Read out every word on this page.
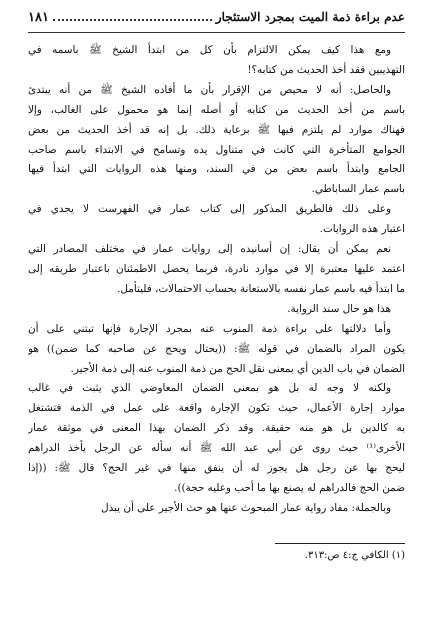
عدم براءة ذمة الميت بمجرد الاستئجار
١٨١
ومع هذا كيف يمكن الالتزام بأن كل من ابتدأ الشيخ ﷺ باسمه في
التهذيبين فقد أخذ الحديث من كتابه؟!
والحاصل: أنه لا محيص من الإقرار بأن ما أفاده الشيخ ﷺ من أنه يبتدئ
باسم من أخذ الحديث من كتابه أو أصله إنما هو محمول على الغالب، وإلا
فهناك موارد لم يلتزم فيها ﷺ برعاية ذلك. بل إنه قد أخذ الحديث من بعض
الجوامع المتأخرة التي كانت في متناول يده وتسامح في الابتداء باسم صاحب
الجامع وابتدأ باسم بعض من في السند، ومنها هذه الروايات التي ابتدأ فيها
باسم عمار الساباطي.
وعلى ذلك فالطريق المذكور إلى كتاب عمار في الفهرست لا يجدي في
اعتبار هذه الروايات.
نعم يمكن أن يقال: إن أسانيده إلى روايات عمار في مختلف المصادر التي
اعتمد عليها معتبرة إلا في موارد نادرة، فربما يحصل الاطمئنان باعتبار طريقه إلى
ما ابتدأ فيه باسم عمار نفسه بالاستعانة بحساب الاحتمالات، فليتأمل.
هذا هو حال سند الرواية.
وأما دلالتها على براءة ذمة المنوب عنه بمجرد الإجارة فإنها تبتني على أن
يكون المراد بالضمان في قوله ﷺ: ((يحتال ويحج عن صاحبه كما ضمن)) هو
الضمان في باب الدين أي بمعنى نقل الحج من ذمة المنوب عنه إلى ذمة الأجير.
ولكنه لا وجه له بل هو بمعنى الضمان المعاوضي الذي يثبت في غالب
موارد إجارة الأعمال، حيث تكون الإجارة واقعة على عمل في الذمة فتشتغل
به كالدين بل هو منه حقيقة. وقد ذكر الضمان بهذا المعنى في موثقة عمار
الأخرى⁽¹⁾ حيث روى عن أبي عبد الله ﷺ أنه سأله عن الرجل يأخذ الدراهم
ليحج بها عن رجل هل يجوز له أن ينفق منها في غير الحج؟ قال ﷺ: ((إذا
ضمن الحج فالدراهم له يصنع بها ما أحب وعليه حجة)).
وبالجملة: مفاد رواية عمار المبحوث عنها هو حث الأجير على أن يبذل
(١) الكافي ج:٤ ص:٣١٣.
